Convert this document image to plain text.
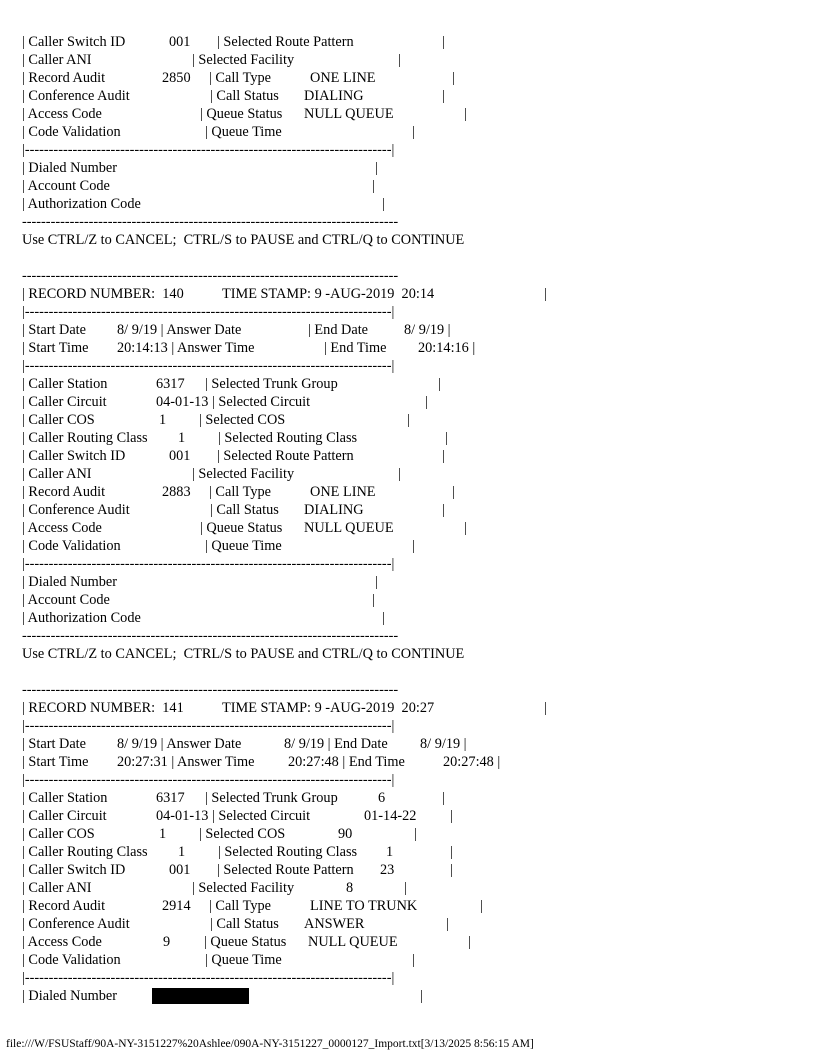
| Caller Switch ID	001 | Selected Route Pattern	|
| Caller ANI	| Selected Facility	|
| Record Audit	2850 | Call Type	ONE LINE	|
| Conference Audit	| Call Status DIALING	|
| Access Code	| Queue Status NULL QUEUE	|
| Code Validation	| Queue Time	|
|-----------------------------------------------------------------------------|
| Dialed Number	|
| Account Code	|
| Authorization Code	|
-------------------------------------------------------------------------------
Use CTRL/Z to CANCEL;  CTRL/S to PAUSE and CTRL/Q to CONTINUE
-------------------------------------------------------------------------------
| RECORD NUMBER:  140	TIME STAMP: 9 -AUG-2019  20:14	|
|-----------------------------------------------------------------------------|
| Start Date 8/ 9/19 | Answer Date	| End Date	8/ 9/19 |
| Start Time 20:14:13 | Answer Time	| End Time 20:14:16 |
|-----------------------------------------------------------------------------|
| Caller Station	6317 | Selected Trunk Group	|
| Caller Circuit	04-01-13 | Selected Circuit	|
| Caller COS	1 | Selected COS	|
| Caller Routing Class 1 | Selected Routing Class	|
| Caller Switch ID	001 | Selected Route Pattern	|
| Caller ANI	| Selected Facility	|
| Record Audit	2883 | Call Type	ONE LINE	|
| Conference Audit	| Call Status DIALING	|
| Access Code	| Queue Status NULL QUEUE	|
| Code Validation	| Queue Time	|
|-----------------------------------------------------------------------------|
| Dialed Number	|
| Account Code	|
| Authorization Code	|
-------------------------------------------------------------------------------
Use CTRL/Z to CANCEL;  CTRL/S to PAUSE and CTRL/Q to CONTINUE
-------------------------------------------------------------------------------
| RECORD NUMBER:  141	TIME STAMP: 9 -AUG-2019  20:27	|
|-----------------------------------------------------------------------------|
| Start Date 8/ 9/19 | Answer Date	8/ 9/19 | End Date 8/ 9/19 |
| Start Time 20:27:31 | Answer Time 20:27:48 | End Time	20:27:48 |
|-----------------------------------------------------------------------------|
| Caller Station	6317 | Selected Trunk Group	6	|
| Caller Circuit	04-01-13 | Selected Circuit	01-14-22 |
| Caller COS	1 | Selected COS	90	|
| Caller Routing Class 1 | Selected Routing Class 1	|
| Caller Switch ID	001 | Selected Route Pattern 23	|
| Caller ANI	| Selected Facility	8	|
| Record Audit	2914 | Call Type	LINE TO TRUNK	|
| Conference Audit	| Call Status ANSWER	|
| Access Code	9 | Queue Status NULL QUEUE	|
| Code Validation	| Queue Time	|
|-----------------------------------------------------------------------------|
| Dialed Number	|
file:///W/FSUStaff/90A-NY-3151227%20Ashlee/090A-NY-3151227_0000127_Import.txt[3/13/2025 8:56:15 AM]
